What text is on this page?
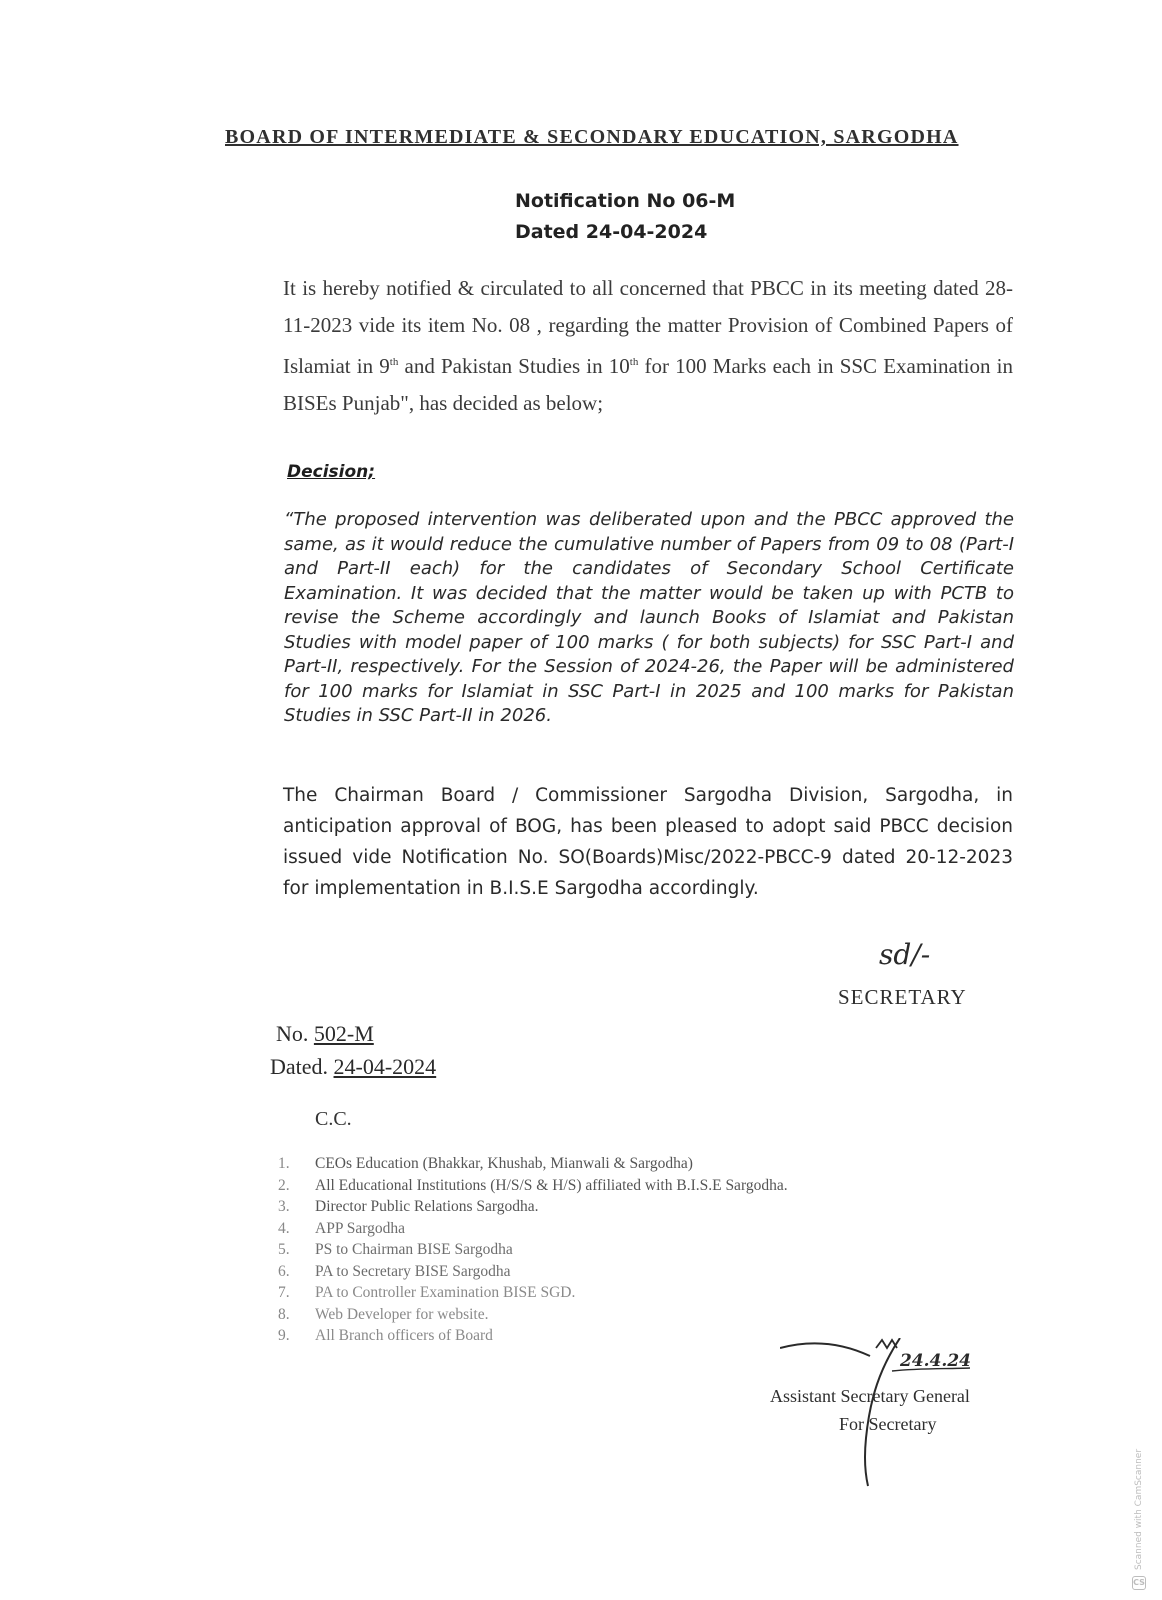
BOARD OF INTERMEDIATE & SECONDARY EDUCATION, SARGODHA
Notification No 06-M
Dated 24-04-2024
It is hereby notified & circulated to all concerned that PBCC in its meeting dated 28-11-2023 vide its item No. 08 , regarding the matter Provision of Combined Papers of Islamiat in 9th and Pakistan Studies in 10th for 100 Marks each in SSC Examination in BISEs Punjab", has decided as below;
Decision;
“The proposed intervention was deliberated upon and the PBCC approved the same, as it would reduce the cumulative number of Papers from 09 to 08 (Part-I and Part-II each) for the candidates of Secondary School Certificate Examination. It was decided that the matter would be taken up with PCTB to revise the Scheme accordingly and launch Books of Islamiat and Pakistan Studies with model paper of 100 marks ( for both subjects) for SSC Part-I and Part-II, respectively. For the Session of 2024-26, the Paper will be administered for 100 marks for Islamiat in SSC Part-I in 2025 and 100 marks for Pakistan Studies in SSC Part-II in 2026.
The Chairman Board / Commissioner Sargodha Division, Sargodha, in anticipation approval of BOG, has been pleased to adopt said PBCC decision issued vide Notification No. SO(Boards)Misc/2022-PBCC-9 dated 20-12-2023 for implementation in B.I.S.E Sargodha accordingly.
sd/-
SECRETARY
No. 502-M
Dated. 24-04-2024
C.C.
1. CEOs Education (Bhakkar, Khushab, Mianwali & Sargodha)
2. All Educational Institutions (H/S/S & H/S) affiliated with B.I.S.E Sargodha.
3. Director Public Relations Sargodha.
4. APP Sargodha
5. PS to Chairman BISE Sargodha
6. PA to Secretary BISE Sargodha
7. PA to Controller Examination BISE SGD.
8. Web Developer for website.
9. All Branch officers of Board
24.4.24
Assistant Secretary General
For Secretary
Scanned with CamScanner
CS
